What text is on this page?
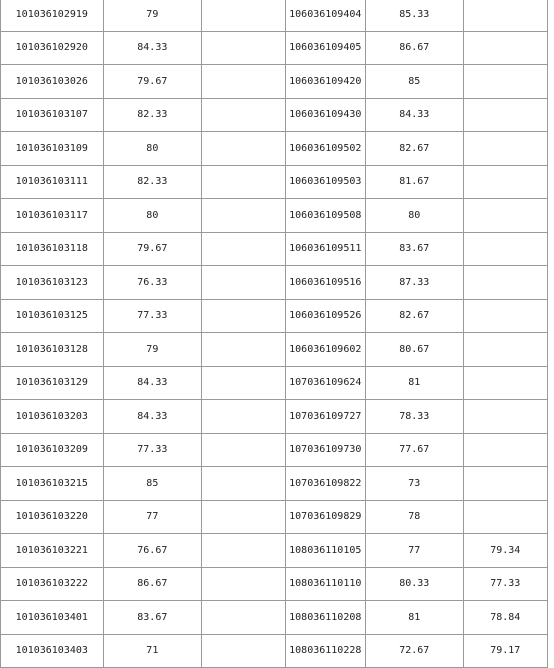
101036102919	79		106036109404	85.33	
101036102920	84.33		106036109405	86.67	
101036103026	79.67		106036109420	85	
101036103107	82.33		106036109430	84.33	
101036103109	80		106036109502	82.67	
101036103111	82.33		106036109503	81.67	
101036103117	80		106036109508	80	
101036103118	79.67		106036109511	83.67	
101036103123	76.33		106036109516	87.33	
101036103125	77.33		106036109526	82.67	
101036103128	79		106036109602	80.67	
101036103129	84.33		107036109624	81	
101036103203	84.33		107036109727	78.33	
101036103209	77.33		107036109730	77.67	
101036103215	85		107036109822	73	
101036103220	77		107036109829	78	
101036103221	76.67		108036110105	77	79.34
101036103222	86.67		108036110110	80.33	77.33
101036103401	83.67		108036110208	81	78.84
101036103403	71		108036110228	72.67	79.17
